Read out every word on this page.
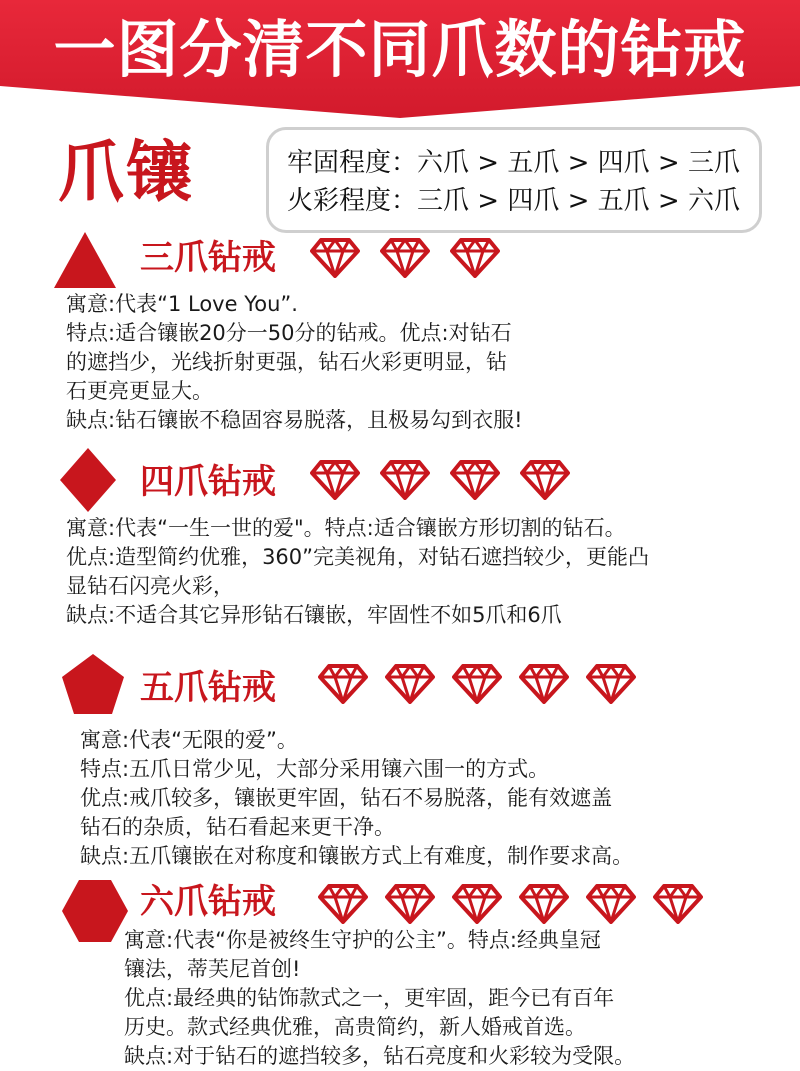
一图分清不同爪数的钻戒
爪镶	牢固程度：六爪 > 五爪 > 四爪 > 三爪
火彩程度：三爪 > 四爪 > 五爪 > 六爪
三爪钻戒

寓意:代表“1 Love You”.

特点:适合镶嵌20分一50分的钻戒。优点:对钻石

的遮挡少，光线折射更强，钻石火彩更明显，钻

石更亮更显大。

缺点:钻石镶嵌不稳固容易脱落，且极易勾到衣服!

四爪钻戒

寓意:代表“一生一世的爱"。特点:适合镶嵌方形切割的钻石。

优点:造型简约优雅，360”完美视角，对钻石遮挡较少，更能凸

显钻石闪亮火彩，

缺点:不适合其它异形钻石镶嵌，牢固性不如5爪和6爪

五爪钻戒

寓意:代表“无限的爱”。

特点:五爪日常少见，大部分采用镶六围一的方式。

优点:戒爪较多，镶嵌更牢固，钻石不易脱落，能有效遮盖

钻石的杂质，钻石看起来更干净。

缺点:五爪镶嵌在对称度和镶嵌方式上有难度，制作要求高。

六爪钻戒

寓意:代表“你是被终生守护的公主”。特点:经典皇冠

镶法，蒂芙尼首创!

优点:最经典的钻饰款式之一，更牢固，距今已有百年

历史。款式经典优雅，高贵简约，新人婚戒首选。

缺点:对于钻石的遮挡较多，钻石亮度和火彩较为受限。
